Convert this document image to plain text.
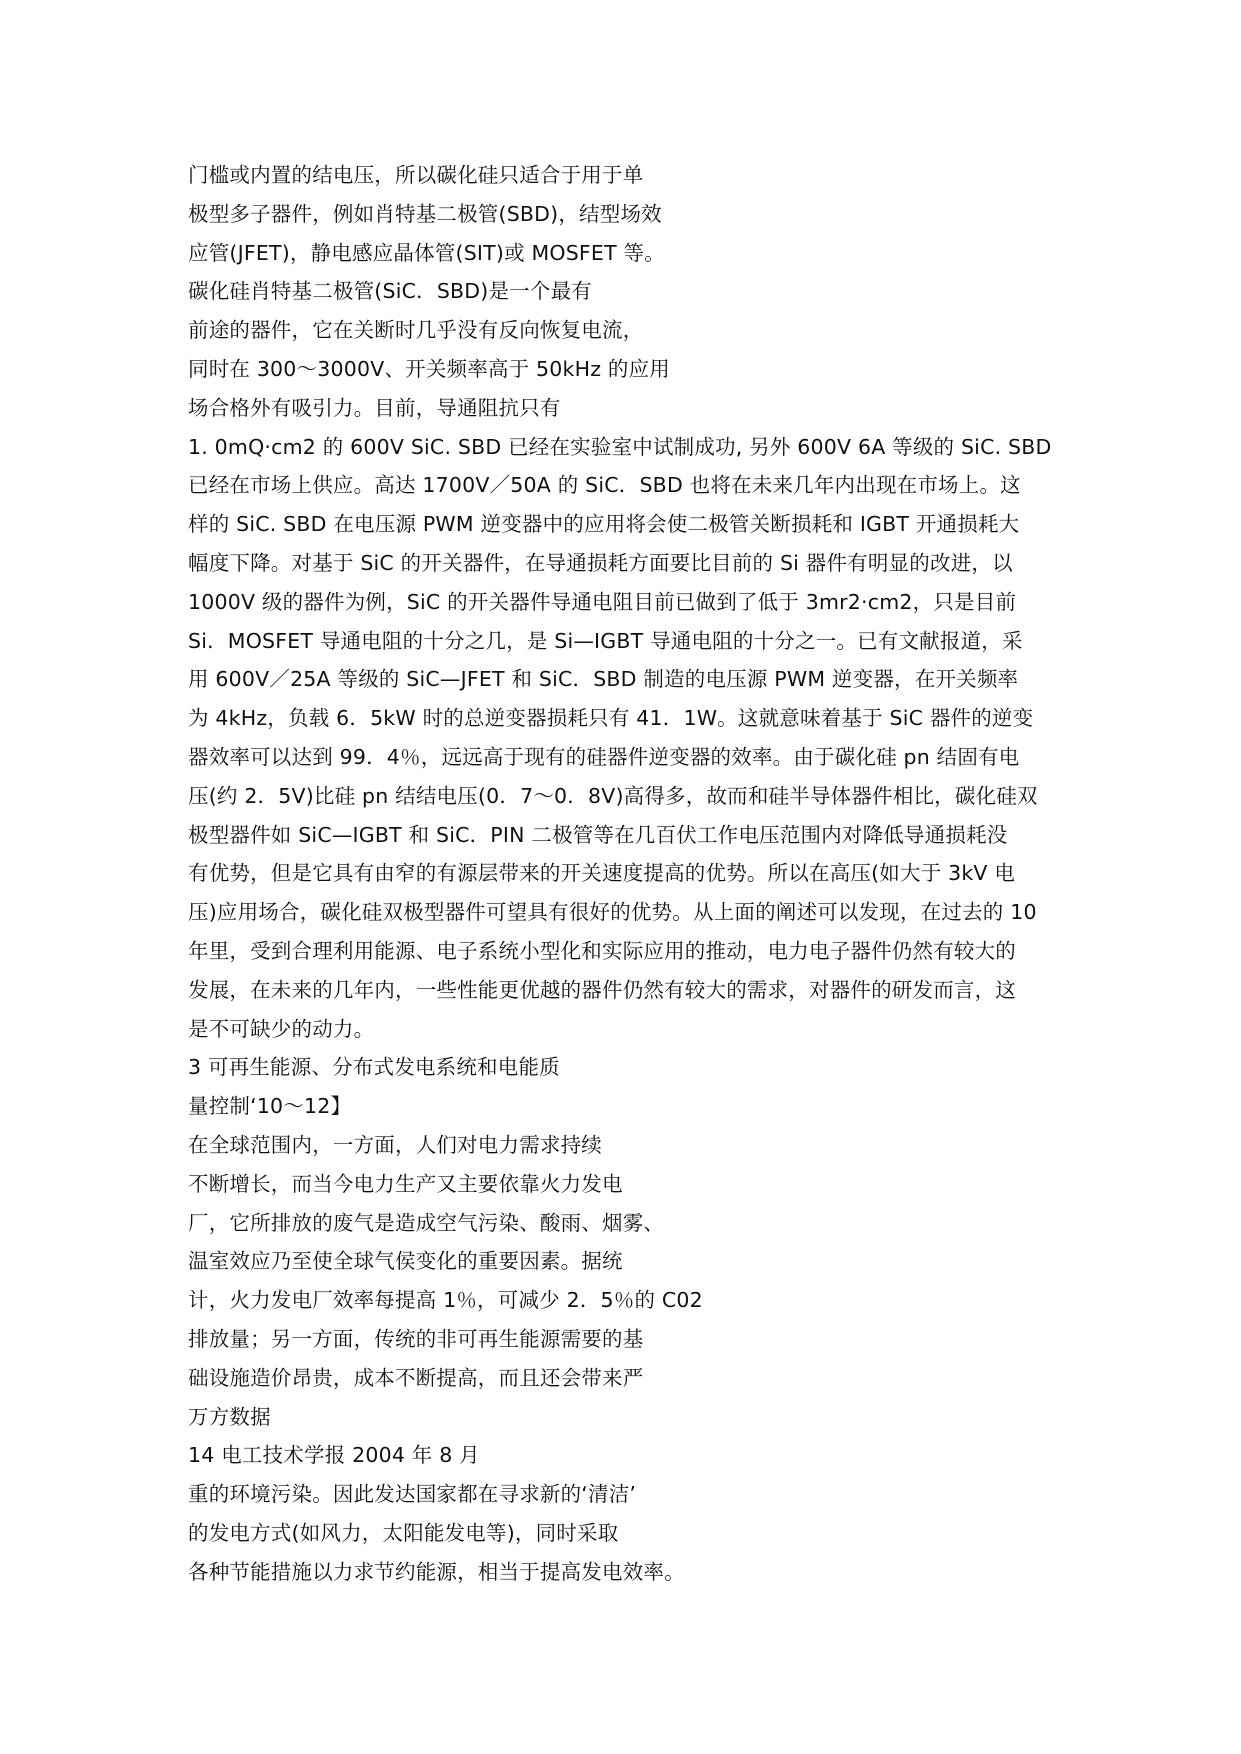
门槛或内置的结电压，所以碳化硅只适合于用于单
极型多子器件，例如肖特基二极管(SBD)，结型场效
应管(JFET)，静电感应晶体管(SIT)或 MOSFET 等。
碳化硅肖特基二极管(SiC．SBD)是一个最有
前途的器件，它在关断时几乎没有反向恢复电流，
同时在 300～3000V、开关频率高于 50kHz 的应用
场合格外有吸引力。目前，导通阻抗只有
1. 0mQ·cm2 的 600V SiC. SBD 已经在实验室中试制成功, 另外 600V 6A 等级的 SiC. SBD
已经在市场上供应。高达 1700V／50A 的 SiC．SBD 也将在未来几年内出现在市场上。这
样的 SiC. SBD 在电压源 PWM 逆变器中的应用将会使二极管关断损耗和 IGBT 开通损耗大
幅度下降。对基于 SiC 的开关器件，在导通损耗方面要比目前的 Si 器件有明显的改进，以
1000V 级的器件为例，SiC 的开关器件导通电阻目前已做到了低于 3mr2·cm2，只是目前
Si．MOSFET 导通电阻的十分之几，是 Si—IGBT 导通电阻的十分之一。已有文献报道，采
用 600V／25A 等级的 SiC—JFET 和 SiC．SBD 制造的电压源 PWM 逆变器，在开关频率
为 4kHz，负载 6．5kW 时的总逆变器损耗只有 41．1W。这就意味着基于 SiC 器件的逆变
器效率可以达到 99．4％，远远高于现有的硅器件逆变器的效率。由于碳化硅 pn 结固有电
压(约 2．5V)比硅 pn 结结电压(0．7～0．8V)高得多，故而和硅半导体器件相比，碳化硅双
极型器件如 SiC—IGBT 和 SiC．PIN 二极管等在几百伏工作电压范围内对降低导通损耗没
有优势，但是它具有由窄的有源层带来的开关速度提高的优势。所以在高压(如大于 3kV 电
压)应用场合，碳化硅双极型器件可望具有很好的优势。从上面的阐述可以发现，在过去的 10
年里，受到合理利用能源、电子系统小型化和实际应用的推动，电力电子器件仍然有较大的
发展，在未来的几年内，一些性能更优越的器件仍然有较大的需求，对器件的研发而言，这
是不可缺少的动力。
3 可再生能源、分布式发电系统和电能质
量控制‘10～12】
在全球范围内，一方面，人们对电力需求持续
不断增长，而当今电力生产又主要依靠火力发电
厂，它所排放的废气是造成空气污染、酸雨、烟雾、
温室效应乃至使全球气侯变化的重要因素。据统
计，火力发电厂效率每提高 1％，可减少 2．5％的 C02
排放量；另一方面，传统的非可再生能源需要的基
础设施造价昂贵，成本不断提高，而且还会带来严
万方数据
14 电工技术学报 2004 年 8 月
重的环境污染。因此发达国家都在寻求新的‘清洁’
的发电方式(如风力，太阳能发电等)，同时采取
各种节能措施以力求节约能源，相当于提高发电效率。
